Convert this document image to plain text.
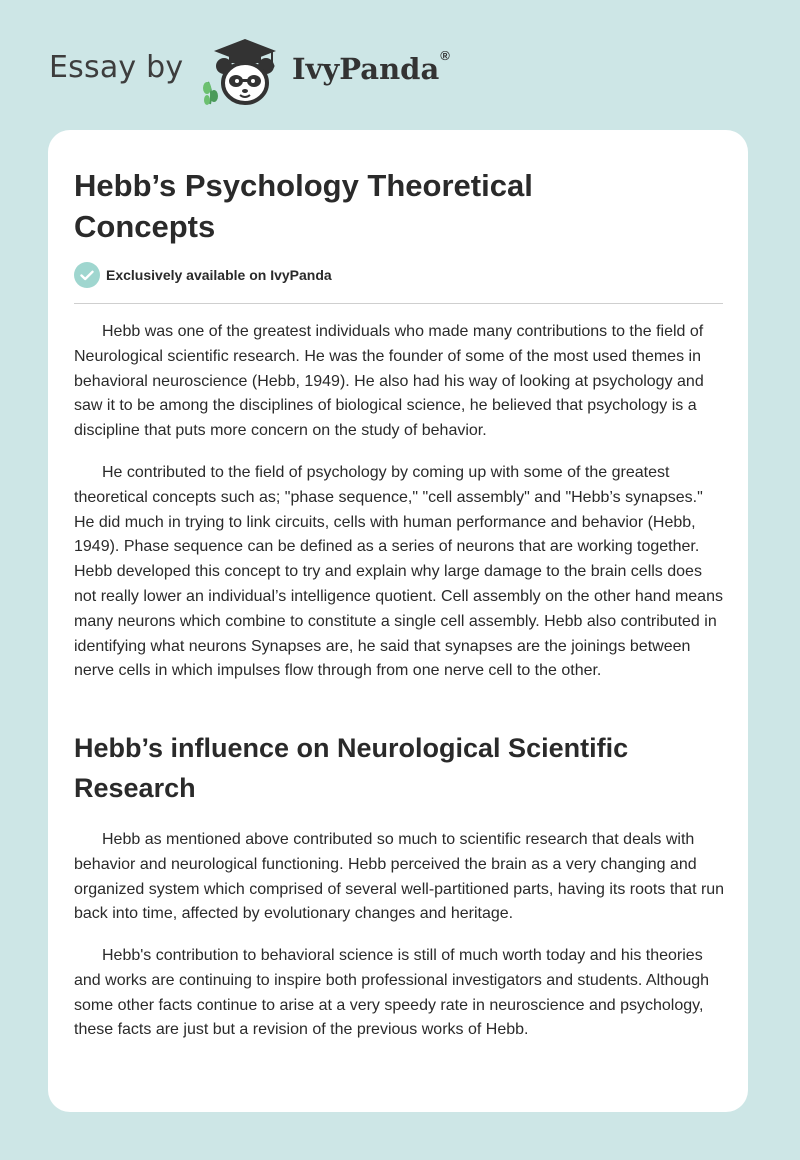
Essay by	IvyPanda®
Hebb’s Psychology Theoretical Concepts
Exclusively available on IvyPanda

Hebb was one of the greatest individuals who made many contributions to the field of Neurological scientific research. He was the founder of some of the most used themes in behavioral neuroscience (Hebb, 1949). He also had his way of looking at psychology and saw it to be among the disciplines of biological science, he believed that psychology is a discipline that puts more concern on the study of behavior.

He contributed to the field of psychology by coming up with some of the greatest theoretical concepts such as; "phase sequence," "cell assembly" and "Hebb’s synapses." He did much in trying to link circuits, cells with human performance and behavior (Hebb, 1949). Phase sequence can be defined as a series of neurons that are working together. Hebb developed this concept to try and explain why large damage to the brain cells does not really lower an individual’s intelligence quotient. Cell assembly on the other hand means many neurons which combine to constitute a single cell assembly. Hebb also contributed in identifying what neurons Synapses are, he said that synapses are the joinings between nerve cells in which impulses flow through from one nerve cell to the other.

Hebb’s influence on Neurological Scientific Research

Hebb as mentioned above contributed so much to scientific research that deals with behavior and neurological functioning. Hebb perceived the brain as a very changing and organized system which comprised of several well-partitioned parts, having its roots that run back into time, affected by evolutionary changes and heritage.

Hebb's contribution to behavioral science is still of much worth today and his theories and works are continuing to inspire both professional investigators and students. Although some other facts continue to arise at a very speedy rate in neuroscience and psychology, these facts are just but a revision of the previous works of Hebb.
